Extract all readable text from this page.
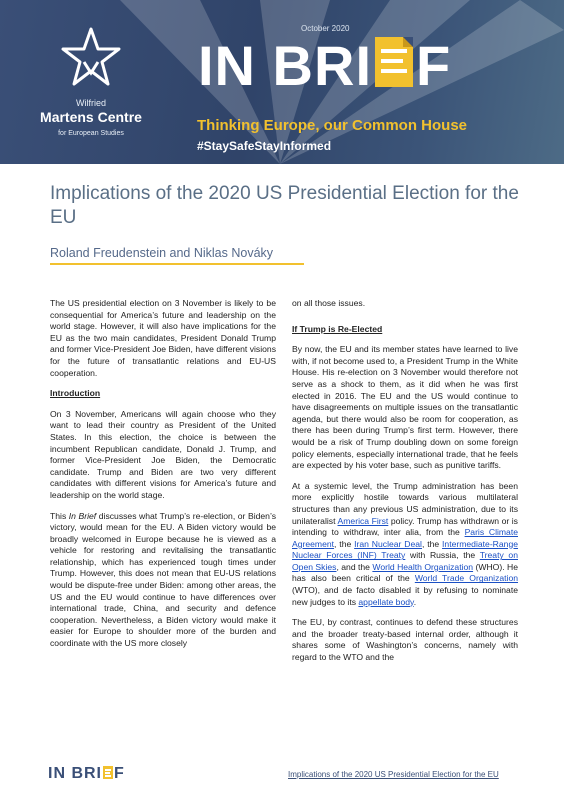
Wilfried
Martens Centre
for European Studies
October 2020
IN BRI F
Thinking Europe, our Common House
#StaySafeStayInformed
Implications of the 2020 US Presidential Election for the EU
Roland Freudenstein and Niklas Nováky

The US presidential election on 3 November is likely to be consequential for America’s future and leadership on the world stage. However, it will also have implications for the EU as the two main candidates, President Donald Trump and former Vice-President Joe Biden, have different visions for the future of transatlantic relations and EU-US cooperation.

Introduction

On 3 November, Americans will again choose who they want to lead their country as President of the United States. In this election, the choice is between the incumbent Republican candidate, Donald J. Trump, and former Vice-President Joe Biden, the Democratic candidate. Trump and Biden are two very different candidates with different visions for America’s future and leadership on the world stage.

This In Brief discusses what Trump’s re-election, or Biden’s victory, would mean for the EU. A Biden victory would be broadly welcomed in Europe because he is viewed as a vehicle for restoring and revitalising the transatlantic relationship, which has experienced tough times under Trump. However, this does not mean that EU-US relations would be dispute-free under Biden: among other areas, the US and the EU would continue to have differences over international trade, China, and security and defence cooperation. Nevertheless, a Biden victory would make it easier for Europe to shoulder more of the burden and coordinate with the US more closely

on all those issues.

If Trump is Re-Elected

By now, the EU and its member states have learned to live with, if not become used to, a President Trump in the White House. His re-election on 3 November would therefore not serve as a shock to them, as it did when he was first elected in 2016. The EU and the US would continue to have disagreements on multiple issues on the transatlantic agenda, but there would also be room for cooperation, as there has been during Trump’s first term. However, there would be a risk of Trump doubling down on some foreign policy elements, especially international trade, that he feels are expected by his voter base, such as punitive tariffs.

At a systemic level, the Trump administration has been more explicitly hostile towards various multilateral structures than any previous US administration, due to its unilateralist America First policy. Trump has withdrawn or is intending to withdraw, inter alia, from the Paris Climate Agreement, the Iran Nuclear Deal, the Intermediate-Range Nuclear Forces (INF) Treaty with Russia, the Treaty on Open Skies, and the World Health Organization (WHO). He has also been critical of the World Trade Organization (WTO), and de facto disabled it by refusing to nominate new judges to its appellate body.

The EU, by contrast, continues to defend these structures and the broader treaty-based internal order, although it shares some of Washington’s concerns, namely with regard to the WTO and the

IN BRI F	Implications of the 2020 US Presidential Election for the EU
